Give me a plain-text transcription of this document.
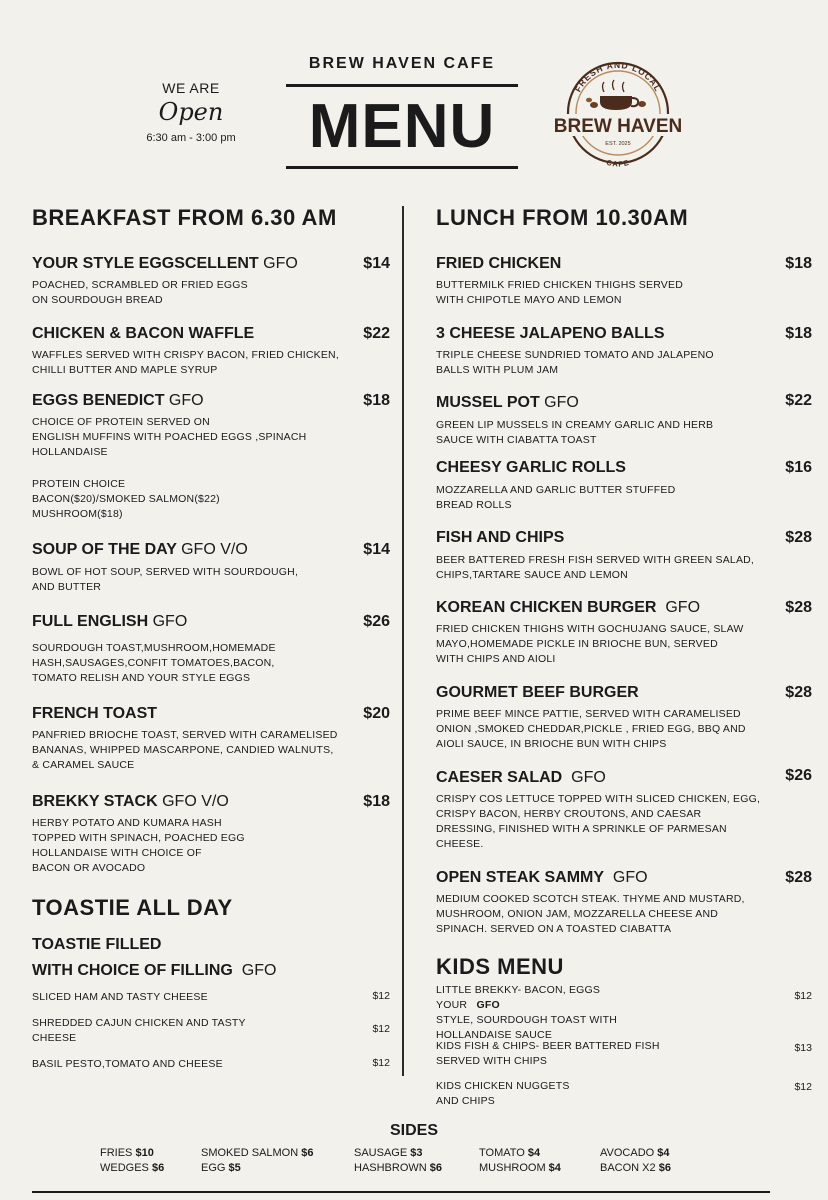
WE ARE
Open
6:30 am - 3:00 pm
BREW HAVEN CAFE
MENU
FRESH AND LOCAL
BREW HAVEN
EST. 2025
CAFE
BREAKFAST FROM 6.30 AM
YOUR STYLE EGGSCELLENT GFO	$14
POACHED, SCRAMBLED OR FRIED EGGS
ON SOURDOUGH BREAD
CHICKEN & BACON WAFFLE	$22
WAFFLES SERVED WITH CRISPY BACON, FRIED CHICKEN,
CHILLI BUTTER AND MAPLE SYRUP
EGGS BENEDICT GFO	$18
CHOICE OF PROTEIN SERVED ON
ENGLISH MUFFINS WITH POACHED EGGS ,SPINACH
HOLLANDAISE
PROTEIN CHOICE
BACON($20)/SMOKED SALMON($22)
MUSHROOM($18)
SOUP OF THE DAY GFO V/O	$14
BOWL OF HOT SOUP, SERVED WITH SOURDOUGH,
AND BUTTER
FULL ENGLISH GFO	$26
SOURDOUGH TOAST,MUSHROOM,HOMEMADE
HASH,SAUSAGES,CONFIT TOMATOES,BACON,
TOMATO RELISH AND YOUR STYLE EGGS
FRENCH TOAST	$20
PANFRIED BRIOCHE TOAST, SERVED WITH CARAMELISED
BANANAS, WHIPPED MASCARPONE, CANDIED WALNUTS,
& CARAMEL SAUCE
BREKKY STACK GFO V/O	$18
HERBY POTATO AND KUMARA HASH
TOPPED WITH SPINACH, POACHED EGG
HOLLANDAISE WITH CHOICE OF
BACON OR AVOCADO
TOASTIE ALL DAY
TOASTIE FILLED
WITH CHOICE OF FILLING GFO
SLICED HAM AND TASTY CHEESE	$12
SHREDDED CAJUN CHICKEN AND TASTY
CHEESE
$12
BASIL PESTO,TOMATO AND CHEESE	$12
LUNCH FROM 10.30AM
FRIED CHICKEN	$18
BUTTERMILK FRIED CHICKEN THIGHS SERVED
WITH CHIPOTLE MAYO AND LEMON
3 CHEESE JALAPENO BALLS	$18
TRIPLE CHEESE SUNDRIED TOMATO AND JALAPENO
BALLS WITH PLUM JAM
MUSSEL POT GFO	$22
GREEN LIP MUSSELS IN CREAMY GARLIC AND HERB
SAUCE WITH CIABATTA TOAST
CHEESY GARLIC ROLLS	$16
MOZZARELLA AND GARLIC BUTTER STUFFED
BREAD ROLLS
FISH AND CHIPS	$28
BEER BATTERED FRESH FISH SERVED WITH GREEN SALAD,
CHIPS,TARTARE SAUCE AND LEMON
KOREAN CHICKEN BURGER GFO	$28
FRIED CHICKEN THIGHS WITH GOCHUJANG SAUCE, SLAW
MAYO,HOMEMADE PICKLE IN BRIOCHE BUN, SERVED
WITH CHIPS AND AIOLI
GOURMET BEEF BURGER	$28
PRIME BEEF MINCE PATTIE, SERVED WITH CARAMELISED
ONION ,SMOKED CHEDDAR,PICKLE , FRIED EGG, BBQ AND
AIOLI SAUCE, IN BRIOCHE BUN WITH CHIPS
CAESER SALAD GFO	$26
CRISPY COS LETTUCE TOPPED WITH SLICED CHICKEN, EGG,
CRISPY BACON, HERBY CROUTONS, AND CAESAR
DRESSING, FINISHED WITH A SPRINKLE OF PARMESAN
CHEESE.
OPEN STEAK SAMMY GFO	$28
MEDIUM COOKED SCOTCH STEAK. THYME AND MUSTARD,
MUSHROOM, ONION JAM, MOZZARELLA CHEESE AND
SPINACH. SERVED ON A TOASTED CIABATTA
KIDS MENU
LITTLE BREKKY- BACON, EGGS YOUR GFO
STYLE, SOURDOUGH TOAST WITH
HOLLANDAISE SAUCE
$12
KIDS FISH & CHIPS- BEER BATTERED FISH
SERVED WITH CHIPS
$13
KIDS CHICKEN NUGGETS
AND CHIPS
$12
SIDES
FRIES $10
WEDGES $6
SMOKED SALMON $6
EGG $5
SAUSAGE $3
HASHBROWN $6
TOMATO $4
MUSHROOM $4
AVOCADO $4
BACON X2 $6
